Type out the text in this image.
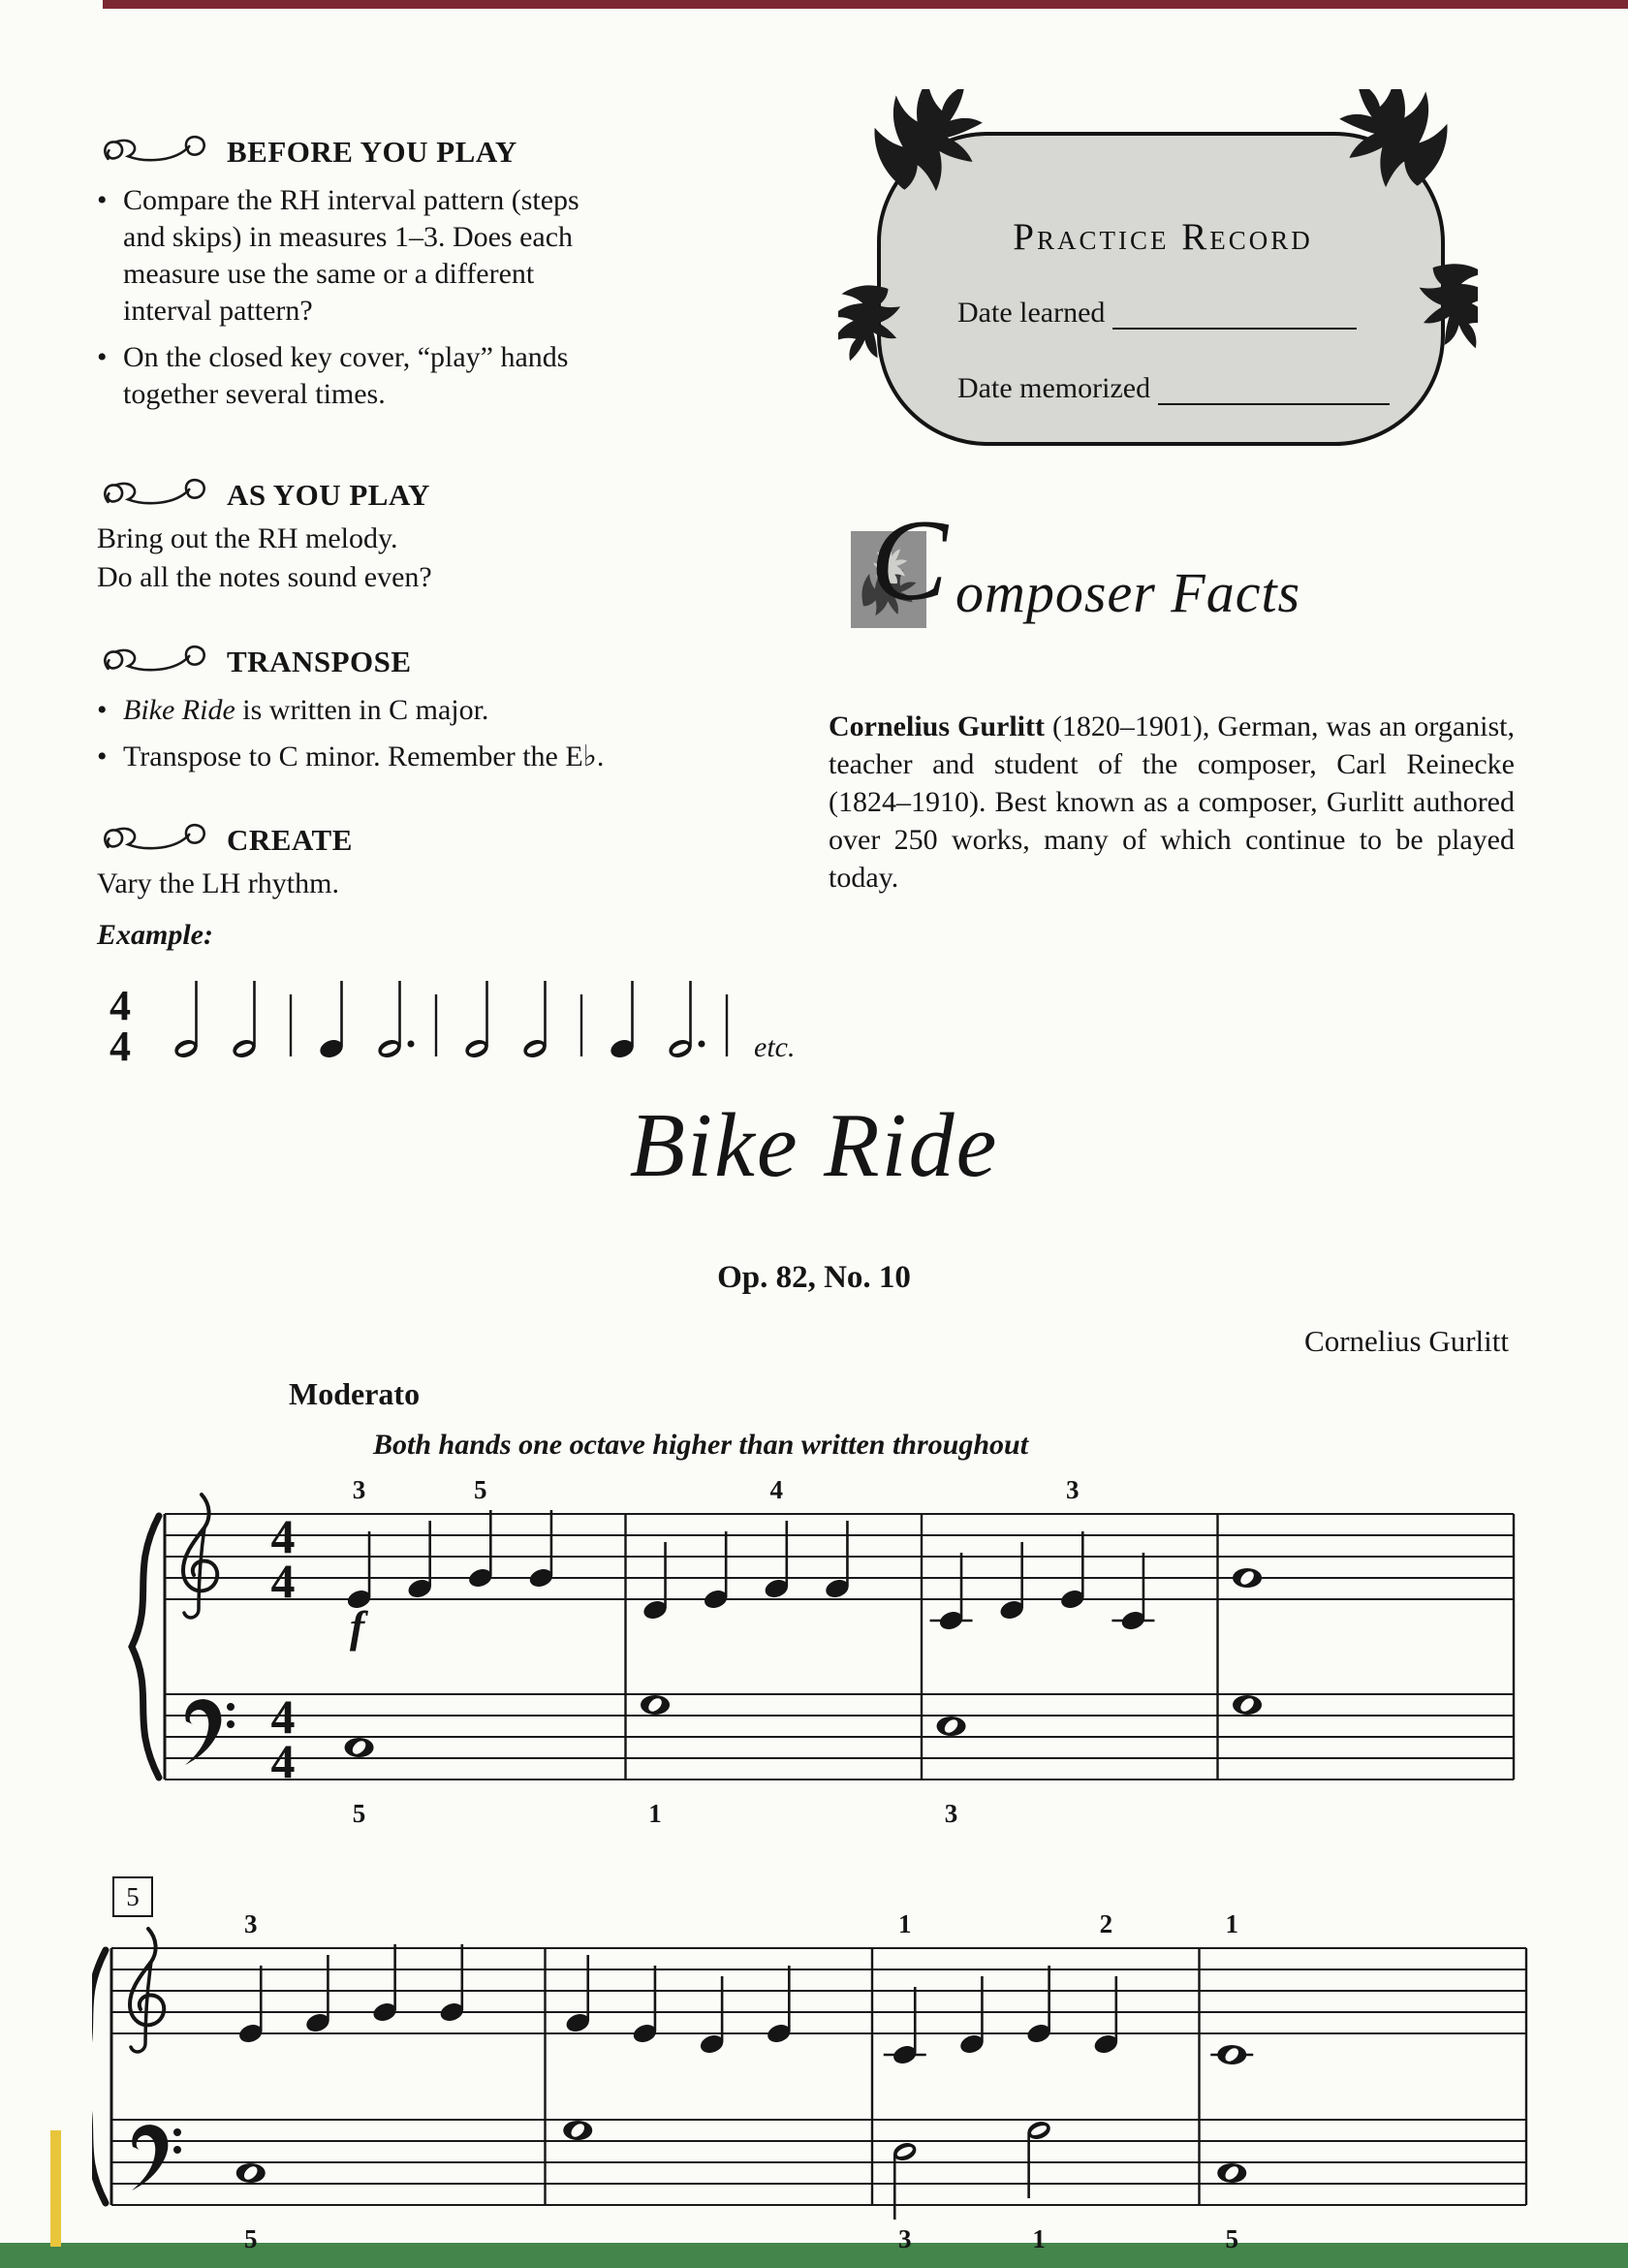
BEFORE YOU PLAY
• Compare the RH interval pattern (steps and skips) in measures 1–3. Does each measure use the same or a different interval pattern?
• On the closed key cover, “play” hands together several times.
AS YOU PLAY
Bring out the RH melody.
Do all the notes sound even?
TRANSPOSE
• Bike Ride is written in C major.
• Transpose to C minor. Remember the E♭.
CREATE
Vary the LH rhythm.
Example:
4
4	etc.
Practice Record
Date learned
Date memorized
C omposer Facts

Cornelius Gurlitt (1820–1901), German, was an organist, teacher and student of the composer, Carl Reinecke (1824–1910). Best known as a composer, Gurlitt authored over 250 works, many of which continue to be played today.

Bike Ride
Op. 82, No. 10
Cornelius Gurlitt
Moderato
Both hands one octave higher than written throughout
4
4
4
4
3	5
5
4
1
3
3
f
5
3
5
1	2
3	1
1
5
